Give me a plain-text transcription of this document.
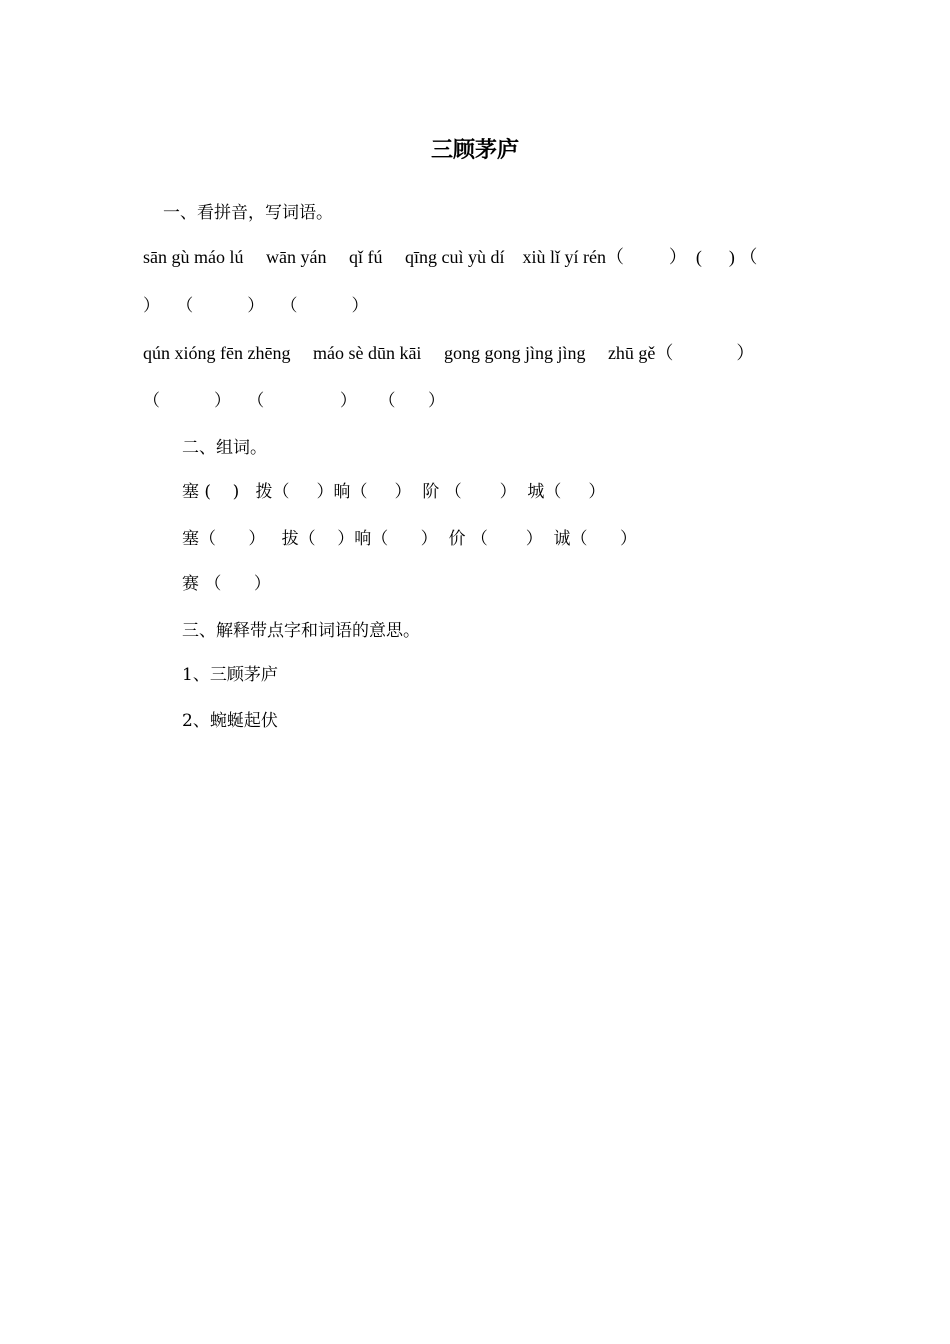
三顾茅庐
一、看拼音，写词语。
sān gù máo lú     wān yán     qǐ fú     qīng cuì yù dí    xiù lǐ yí rén（          ）  (      ) （
）   （          ）   （          ）
qún xióng fēn zhēng     máo sè dūn kāi     gong gong jìng jìng     zhū gě（              ）
（          ）   （              ）    （      ）
二、组词。
塞 (    )   拨（     ）晌（     ）  阶 （       ）  城（     ）
塞（      ）   拔（    ）响（      ）  价 （       ）  诚（      ）
赛 （      ）
三、解释带点字和词语的意思。
1、三顾茅庐
2、蜿蜒起伏
